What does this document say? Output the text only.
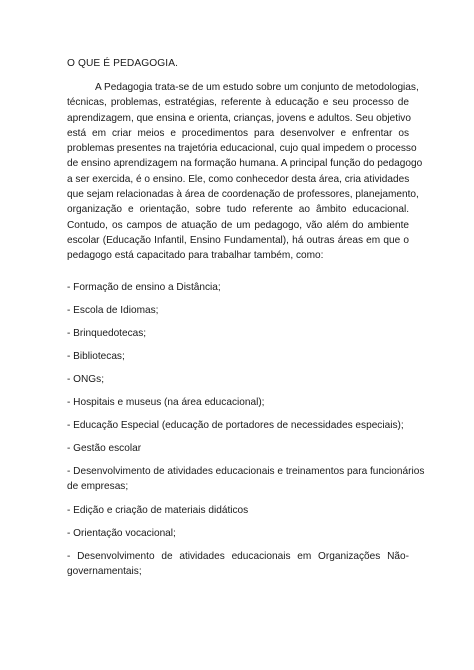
O QUE É PEDAGOGIA.
A Pedagogia trata-se de um estudo sobre um conjunto de metodologias,
técnicas, problemas, estratégias, referente à educação e seu processo de
aprendizagem, que ensina e orienta, crianças, jovens e adultos. Seu objetivo
está em criar meios e procedimentos para desenvolver e enfrentar os
problemas presentes na trajetória educacional, cujo qual impedem o processo
de ensino aprendizagem na formação humana. A principal função do pedagogo
a ser exercida, é o ensino. Ele, como conhecedor desta área, cria atividades
que sejam relacionadas à área de coordenação de professores, planejamento,
organização e orientação, sobre tudo referente ao âmbito educacional.
Contudo, os campos de atuação de um pedagogo, vão além do ambiente
escolar (Educação Infantil, Ensino Fundamental), há outras áreas em que o
pedagogo está capacitado para trabalhar também, como:
- Formação de ensino a Distância;
- Escola de Idiomas;
- Brinquedotecas;
- Bibliotecas;
- ONGs;
- Hospitais e museus (na área educacional);
- Educação Especial (educação de portadores de necessidades especiais);
- Gestão escolar
- Desenvolvimento de atividades educacionais e treinamentos para funcionários
de empresas;
- Edição e criação de materiais didáticos
- Orientação vocacional;
- Desenvolvimento de atividades educacionais em Organizações Não-
governamentais;
